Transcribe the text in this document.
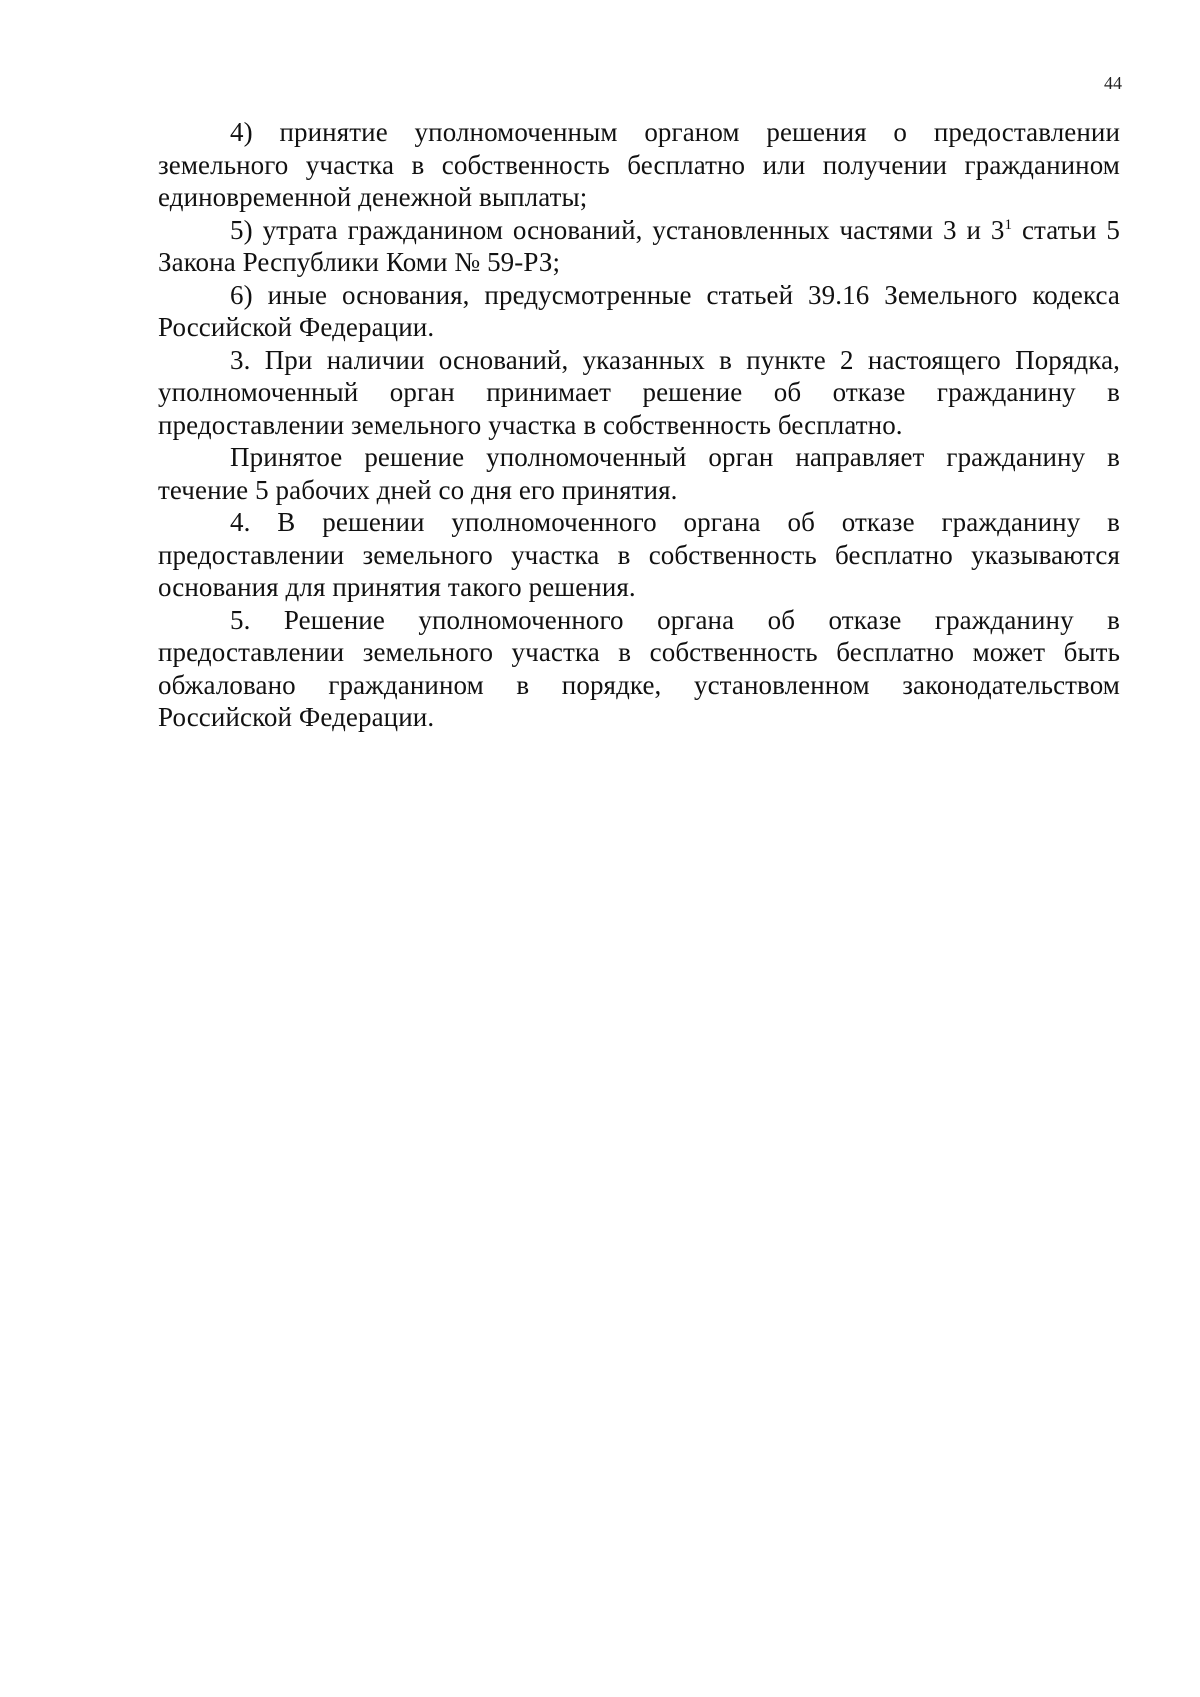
44

4) принятие уполномоченным органом решения о предоставлении земельного участка в собственность бесплатно или получении гражданином единовременной денежной выплаты;

5) утрата гражданином оснований, установленных частями 3 и $3^1$ статьи 5 Закона Республики Коми № 59-РЗ;

6) иные основания, предусмотренные статьей 39.16 Земельного кодекса Российской Федерации.

3. При наличии оснований, указанных в пункте 2 настоящего Порядка, уполномоченный орган принимает решение об отказе гражданину в предоставлении земельного участка в собственность бесплатно.

Принятое решение уполномоченный орган направляет гражданину в течение 5 рабочих дней со дня его принятия.

4. В решении уполномоченного органа об отказе гражданину в предоставлении земельного участка в собственность бесплатно указываются основания для принятия такого решения.

5. Решение уполномоченного органа об отказе гражданину в предоставлении земельного участка в собственность бесплатно может быть обжаловано гражданином в порядке, установленном законодательством Российской Федерации.
